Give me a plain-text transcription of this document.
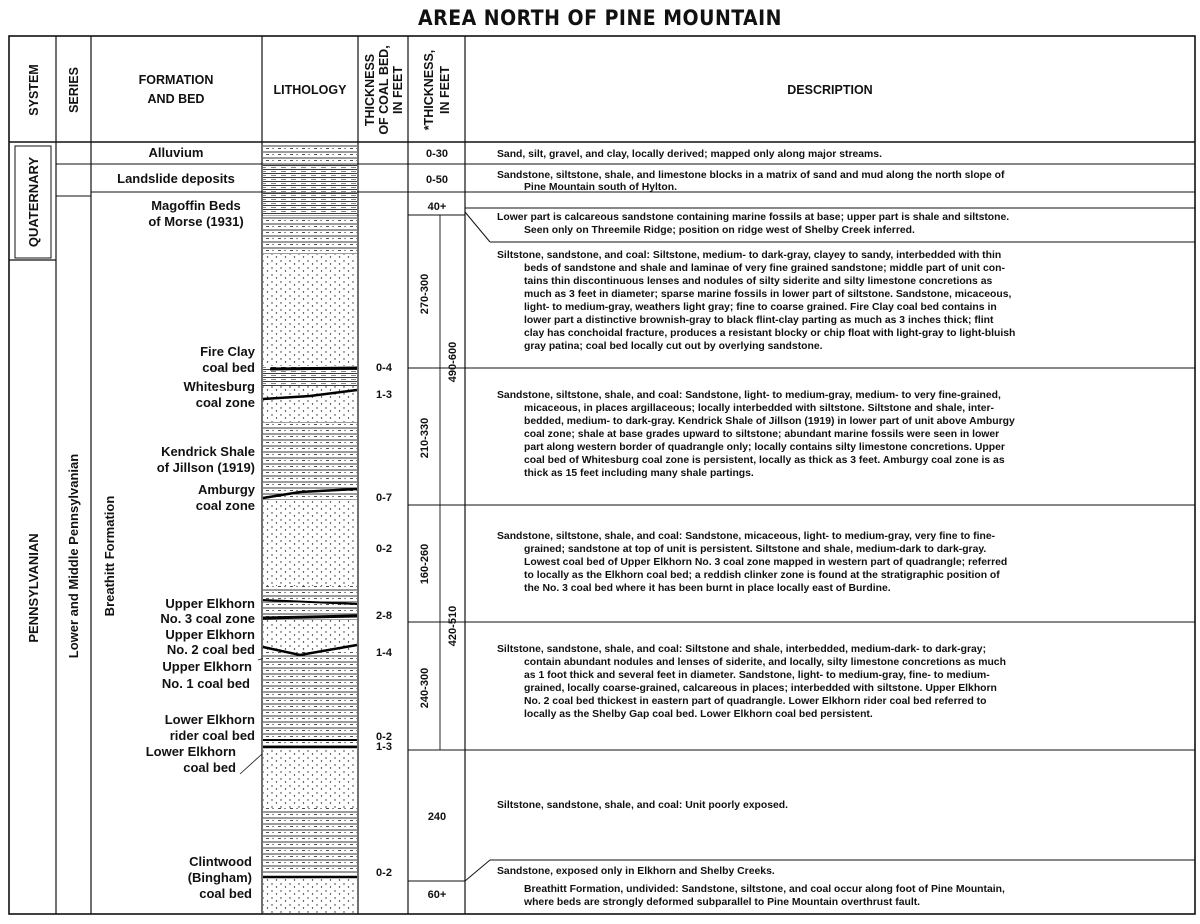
AREA NORTH OF PINE MOUNTAIN
SYSTEM SERIES	FORMATION
AND BED
LITHOLOGY THICKNESS OF COAL BED, IN FEET *THICKNESS, IN FEET	DESCRIPTION
QUATERNARY
PENNSYLVANIAN Lower and Middle Pennsylvanian Breathitt Formation
Alluvium
Landslide deposits
Magoffin Beds
of Morse (1931)
Fire Clay
coal bed
Whitesburg
coal zone
Kendrick Shale
of Jillson (1919)
Amburgy
coal zone
Upper Elkhorn
No. 3 coal zone
Upper Elkhorn
No. 2 coal bed
Upper Elkhorn
No. 1 coal bed
Lower Elkhorn
rider coal bed
Lower Elkhorn
coal bed
Clintwood
(Bingham)
coal bed
0-4
1-3
0-7
0-2
2-8
1-4
0-2
1-3
0-2
0-30
0-50
40+
270-300
210-330
490-600
160-260
240-300
420-510
240
60+
Sand, silt, gravel, and clay, locally derived; mapped only along major streams.
Sandstone, siltstone, shale, and limestone blocks in a matrix of sand and mud along the north slope of
Pine Mountain south of Hylton.
Lower part is calcareous sandstone containing marine fossils at base; upper part is shale and siltstone.
Seen only on Threemile Ridge; position on ridge west of Shelby Creek inferred.
Siltstone, sandstone, and coal: Siltstone, medium- to dark-gray, clayey to sandy, interbedded with thin
beds of sandstone and shale and laminae of very fine grained sandstone; middle part of unit con-
tains thin discontinuous lenses and nodules of silty siderite and silty limestone concretions as
much as 3 feet in diameter; sparse marine fossils in lower part of siltstone. Sandstone, micaceous,
light- to medium-gray, weathers light gray; fine to coarse grained. Fire Clay coal bed contains in
lower part a distinctive brownish-gray to black flint-clay parting as much as 3 inches thick; flint
clay has conchoidal fracture, produces a resistant blocky or chip float with light-gray to light-bluish
gray patina; coal bed locally cut out by overlying sandstone.
Sandstone, siltstone, shale, and coal: Sandstone, light- to medium-gray, medium- to very fine-grained,
micaceous, in places argillaceous; locally interbedded with siltstone. Siltstone and shale, inter-
bedded, medium- to dark-gray. Kendrick Shale of Jillson (1919) in lower part of unit above Amburgy
coal zone; shale at base grades upward to siltstone; abundant marine fossils were seen in lower
part along western border of quadrangle only; locally contains silty limestone concretions. Upper
coal bed of Whitesburg coal zone is persistent, locally as thick as 3 feet. Amburgy coal zone is as
thick as 15 feet including many shale partings.
Sandstone, siltstone, shale, and coal: Sandstone, micaceous, light- to medium-gray, very fine to fine-
grained; sandstone at top of unit is persistent. Siltstone and shale, medium-dark to dark-gray.
Lowest coal bed of Upper Elkhorn No. 3 coal zone mapped in western part of quadrangle; referred
to locally as the Elkhorn coal bed; a reddish clinker zone is found at the stratigraphic position of
the No. 3 coal bed where it has been burnt in place locally east of Burdine.
Siltstone, sandstone, shale, and coal: Siltstone and shale, interbedded, medium-dark- to dark-gray;
contain abundant nodules and lenses of siderite, and locally, silty limestone concretions as much
as 1 foot thick and several feet in diameter. Sandstone, light- to medium-gray, fine- to medium-
grained, locally coarse-grained, calcareous in places; interbedded with siltstone. Upper Elkhorn
No. 2 coal bed thickest in eastern part of quadrangle. Lower Elkhorn rider coal bed referred to
locally as the Shelby Gap coal bed. Lower Elkhorn coal bed persistent.
Siltstone, sandstone, shale, and coal: Unit poorly exposed.
Sandstone, exposed only in Elkhorn and Shelby Creeks.
Breathitt Formation, undivided: Sandstone, siltstone, and coal occur along foot of Pine Mountain,
where beds are strongly deformed subparallel to Pine Mountain overthrust fault.
